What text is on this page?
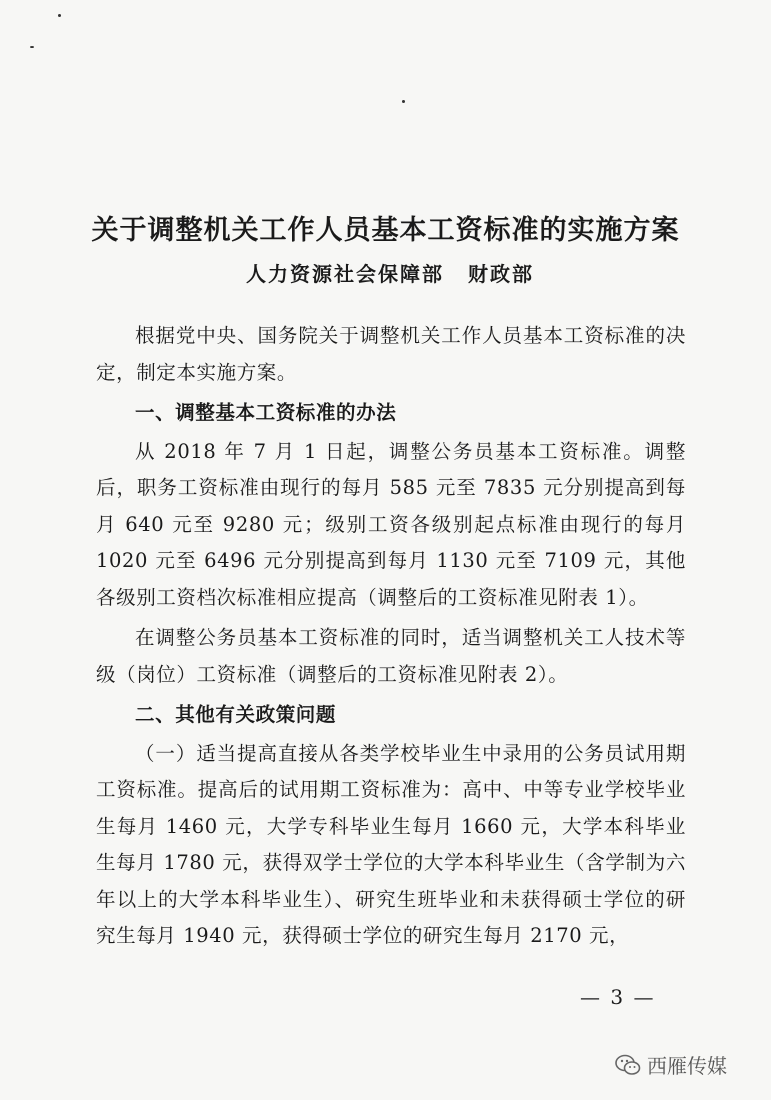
关于调整机关工作人员基本工资标准的实施方案
人力资源社会保障部 财政部

根据党中央、国务院关于调整机关工作人员基本工资标准的决定，制定本实施方案。

一、调整基本工资标准的办法

从 2018 年 7 月 1 日起，调整公务员基本工资标准。调整后，职务工资标准由现行的每月 585 元至 7835 元分别提高到每月 640 元至 9280 元；级别工资各级别起点标准由现行的每月 1020 元至 6496 元分别提高到每月 1130 元至 7109 元，其他各级别工资档次标准相应提高（调整后的工资标准见附表 1）。

在调整公务员基本工资标准的同时，适当调整机关工人技术等级（岗位）工资标准（调整后的工资标准见附表 2）。

二、其他有关政策问题

（一）适当提高直接从各类学校毕业生中录用的公务员试用期工资标准。提高后的试用期工资标准为：高中、中等专业学校毕业生每月 1460 元，大学专科毕业生每月 1660 元，大学本科毕业生每月 1780 元，获得双学士学位的大学本科毕业生（含学制为六年以上的大学本科毕业生）、研究生班毕业和未获得硕士学位的研究生每月 1940 元，获得硕士学位的研究生每月 2170 元，

— 3 —
西雁传媒
